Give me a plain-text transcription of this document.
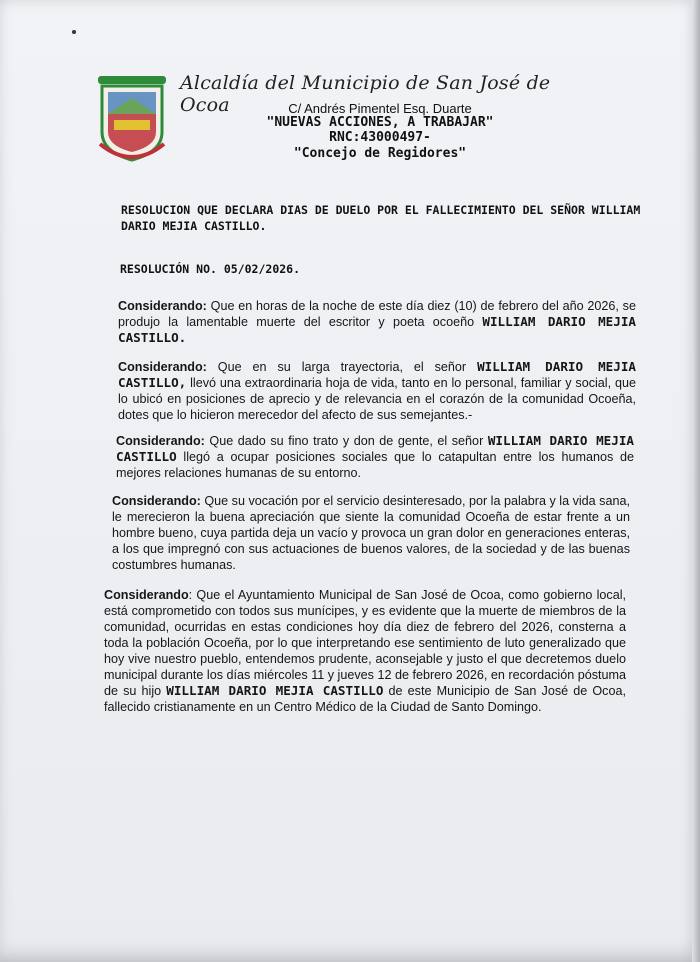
Alcaldía del Municipio de San José de Ocoa	C/ Andrés Pimentel Esq. Duarte
"NUEVAS ACCIONES, A TRABAJAR"
RNC:43000497-
"Concejo de Regidores"
RESOLUCION QUE DECLARA DIAS DE DUELO POR EL FALLECIMIENTO DEL SEÑOR WILLIAM DARIO MEJIA CASTILLO.
RESOLUCIÓN NO. 05/02/2026.
Considerando: Que en horas de la noche de este día diez (10) de febrero del año 2026, se produjo la lamentable muerte del escritor y poeta ocoeño WILLIAM DARIO MEJIA CASTILLO.
Considerando: Que en su larga trayectoria, el señor WILLIAM DARIO MEJIA CASTILLO, llevó una extraordinaria hoja de vida, tanto en lo personal, familiar y social, que lo ubicó en posiciones de aprecio y de relevancia en el corazón de la comunidad Ocoeña, dotes que lo hicieron merecedor del afecto de sus semejantes.-
Considerando: Que dado su fino trato y don de gente, el señor WILLIAM DARIO MEJIA CASTILLO llegó a ocupar posiciones sociales que lo catapultan entre los humanos de mejores relaciones humanas de su entorno.
Considerando: Que su vocación por el servicio desinteresado, por la palabra y la vida sana, le merecieron la buena apreciación que siente la comunidad Ocoeña de estar frente a un hombre bueno, cuya partida deja un vacío y provoca un gran dolor en generaciones enteras, a los que impregnó con sus actuaciones de buenos valores, de la sociedad y de las buenas costumbres humanas.
Considerando: Que el Ayuntamiento Municipal de San José de Ocoa, como gobierno local, está comprometido con todos sus munícipes, y es evidente que la muerte de miembros de la comunidad, ocurridas en estas condiciones hoy día diez de febrero del 2026, consterna a toda la población Ocoeña, por lo que interpretando ese sentimiento de luto generalizado que hoy vive nuestro pueblo, entendemos prudente, aconsejable y justo el que decretemos duelo municipal durante los días miércoles 11 y jueves 12 de febrero 2026, en recordación póstuma de su hijo WILLIAM DARIO MEJIA CASTILLO de este Municipio de San José de Ocoa, fallecido cristianamente en un Centro Médico de la Ciudad de Santo Domingo.
